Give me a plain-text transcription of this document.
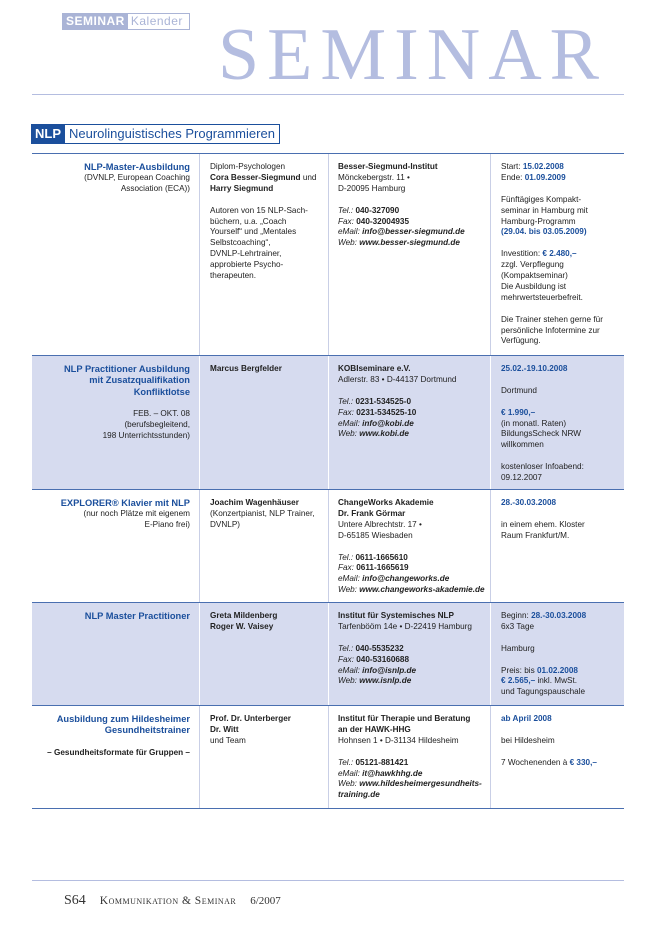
SEMINAR Kalender SEMINAR
NLP Neurolinguistisches Programmieren
NLP-Master-Ausbildung
(DVNLP, European Coaching
Association (ECA))
Diplom-Psychologen
Cora Besser-Siegmund und
Harry Siegmund
Autoren von 15 NLP-Sach-
büchern, u.a. „Coach
Yourself“ und „Mentales
Selbstcoaching“,
DVNLP-Lehrtrainer,
approbierte Psycho-
therapeuten.
Besser-Siegmund-Institut
Mönckebergstr. 11 •
D-20095 Hamburg
Tel.: 040-327090
Fax: 040-32004935
eMail: info@besser-siegmund.de
Web: www.besser-siegmund.de
Start: 15.02.2008
Ende: 01.09.2009
Fünftägiges Kompakt-
seminar in Hamburg mit
Hamburg-Programm
(29.04. bis 03.05.2009)
Investition: € 2.480,–
zzgl. Verpflegung
(Kompaktseminar)
Die Ausbildung ist
mehrwertsteuerbefreit.
Die Trainer stehen gerne für
persönliche Infotermine zur
Verfügung.
NLP Practitioner Ausbildung
mit Zusatzqualifikation
Konfliktlotse
FEB. – OKT. 08
(berufsbegleitend,
198 Unterrichtsstunden)
Marcus Bergfelder	KOBIseminare e.V.
Adlerstr. 83 • D-44137 Dortmund
Tel.: 0231-534525-0
Fax: 0231-534525-10
eMail: info@kobi.de
Web: www.kobi.de
25.02.-19.10.2008
Dortmund
€ 1.990,–
(in monatl. Raten)
BildungsScheck NRW
willkommen
kostenloser Infoabend:
09.12.2007
EXPLORER® Klavier mit NLP
(nur noch Plätze mit eigenem
E-Piano frei)
Joachim Wagenhäuser
(Konzertpianist, NLP Trainer,
DVNLP)
ChangeWorks Akademie
Dr. Frank Görmar
Untere Albrechtstr. 17 •
D-65185 Wiesbaden
Tel.: 0611-1665610
Fax: 0611-1665619
eMail: info@changeworks.de
Web: www.changeworks-akademie.de
28.-30.03.2008
in einem ehem. Kloster
Raum Frankfurt/M.
NLP Master Practitioner Greta Mildenberg
Roger W. Vaisey
Institut für Systemisches NLP
Tarfenbööm 14e • D-22419 Hamburg
Tel.: 040-5535232
Fax: 040-53160688
eMail: info@isnlp.de
Web: www.isnlp.de
Beginn: 28.-30.03.2008
6x3 Tage
Hamburg
Preis: bis 01.02.2008
€ 2.565,– inkl. MwSt.
und Tagungspauschale
Ausbildung zum Hildesheimer
Gesundheitstrainer
– Gesundheitsformate für Gruppen –
Prof. Dr. Unterberger
Dr. Witt
und Team
Institut für Therapie und Beratung
an der HAWK-HHG
Hohnsen 1 • D-31134 Hildesheim
Tel.: 05121-881421
eMail: it@hawkhhg.de
Web: www.hildesheimergesundheits-
training.de
ab April 2008
bei Hildesheim
7 Wochenenden à € 330,–
S64 Kommunikation & Seminar 6/2007
